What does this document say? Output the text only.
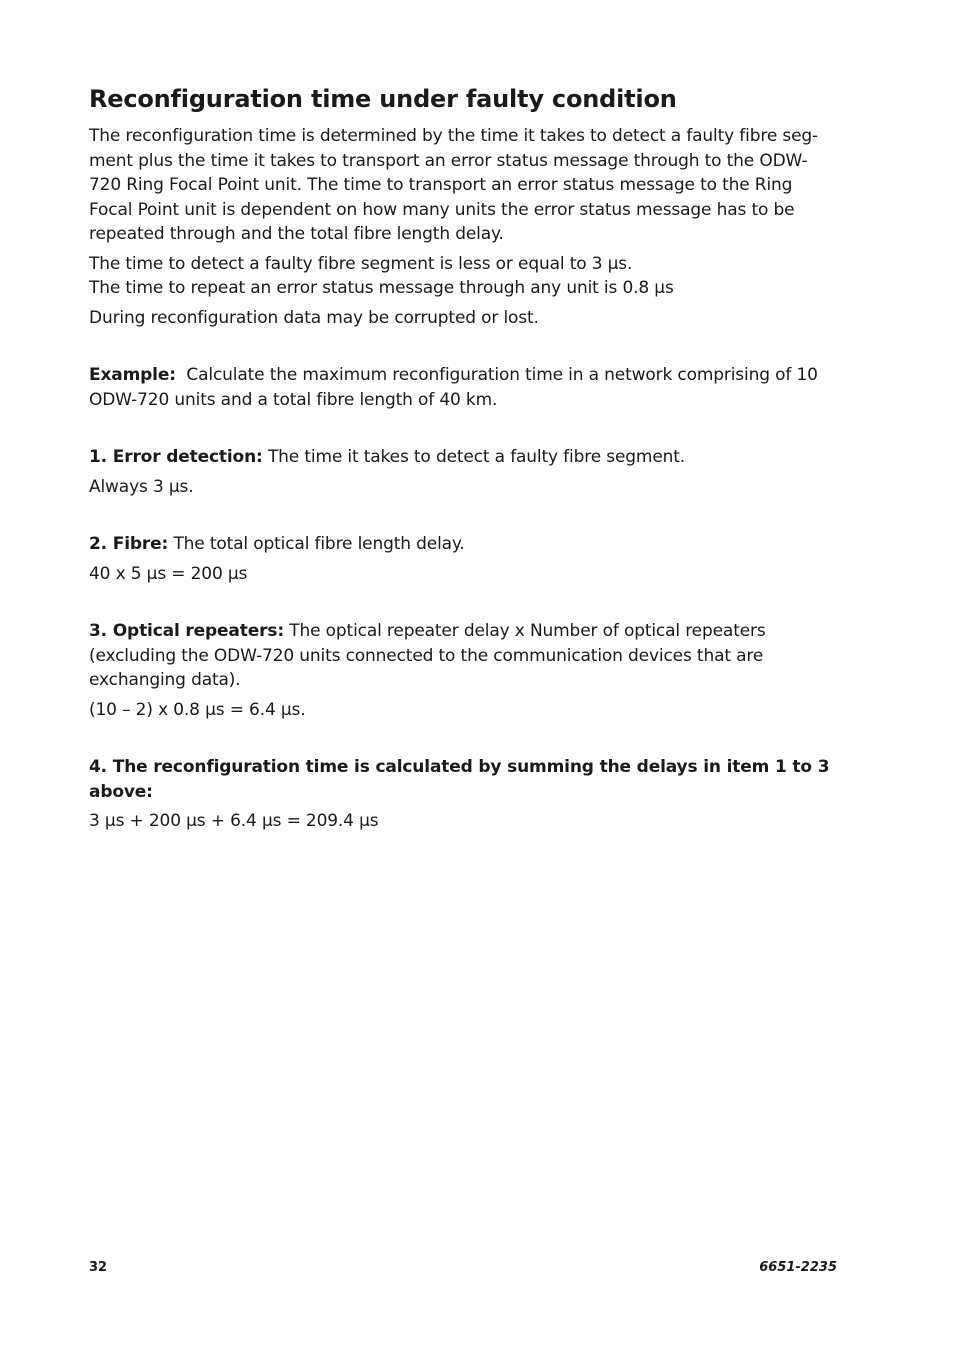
Reconfiguration time under faulty condition

The reconfiguration time is determined by the time it takes to detect a faulty fibre seg-ment plus the time it takes to transport an error status message through to the ODW-720 Ring Focal Point unit. The time to transport an error status message to the Ring Focal Point unit is dependent on how many units the error status message has to be repeated through and the total fibre length delay.

The time to detect a faulty fibre segment is less or equal to 3 µs.
The time to repeat an error status message through any unit is 0.8 µs

During reconfiguration data may be corrupted or lost.

Example: Calculate the maximum reconfiguration time in a network comprising of 10 ODW-720 units and a total fibre length of 40 km.

1. Error detection: The time it takes to detect a faulty fibre segment.

Always 3 µs.

2. Fibre: The total optical fibre length delay.

40 x 5 µs = 200 µs

3. Optical repeaters: The optical repeater delay x Number of optical repeaters (excluding the ODW-720 units connected to the communication devices that are exchanging data).

(10 – 2) x 0.8 µs = 6.4 µs.

4. The reconfiguration time is calculated by summing the delays in item 1 to 3 above:

3 µs + 200 µs + 6.4 µs = 209.4 µs

32	6651-2235
